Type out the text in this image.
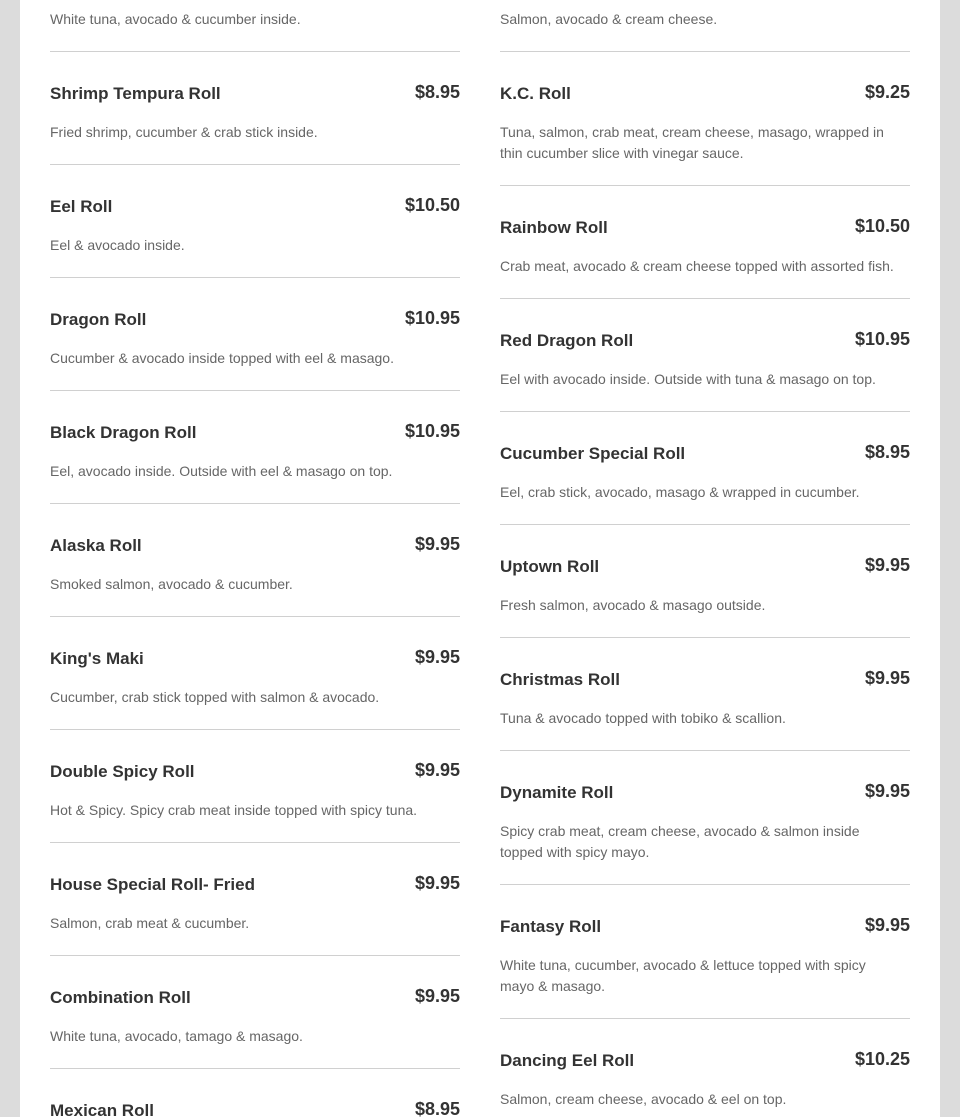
White tuna, avocado & cucumber inside.
Shrimp Tempura Roll	$8.95
Fried shrimp, cucumber & crab stick inside.
Eel Roll	$10.50
Eel & avocado inside.
Dragon Roll	$10.95
Cucumber & avocado inside topped with eel & masago.
Black Dragon Roll	$10.95
Eel, avocado inside. Outside with eel & masago on top.
Alaska Roll	$9.95
Smoked salmon, avocado & cucumber.
King's Maki	$9.95
Cucumber, crab stick topped with salmon & avocado.
Double Spicy Roll	$9.95
Hot & Spicy. Spicy crab meat inside topped with spicy tuna.
House Special Roll- Fried	$9.95
Salmon, crab meat & cucumber.
Combination Roll	$9.95
White tuna, avocado, tamago & masago.
Mexican Roll	$8.95
Salmon, avocado & cream cheese.
K.C. Roll	$9.25
Tuna, salmon, crab meat, cream cheese, masago, wrapped in thin cucumber slice with vinegar sauce.
Rainbow Roll	$10.50
Crab meat, avocado & cream cheese topped with assorted fish.
Red Dragon Roll	$10.95
Eel with avocado inside. Outside with tuna & masago on top.
Cucumber Special Roll	$8.95
Eel, crab stick, avocado, masago & wrapped in cucumber.
Uptown Roll	$9.95
Fresh salmon, avocado & masago outside.
Christmas Roll	$9.95
Tuna & avocado topped with tobiko & scallion.
Dynamite Roll	$9.95
Spicy crab meat, cream cheese, avocado & salmon inside topped with spicy mayo.
Fantasy Roll	$9.95
White tuna, cucumber, avocado & lettuce topped with spicy mayo & masago.
Dancing Eel Roll	$10.25
Salmon, cream cheese, avocado & eel on top.
